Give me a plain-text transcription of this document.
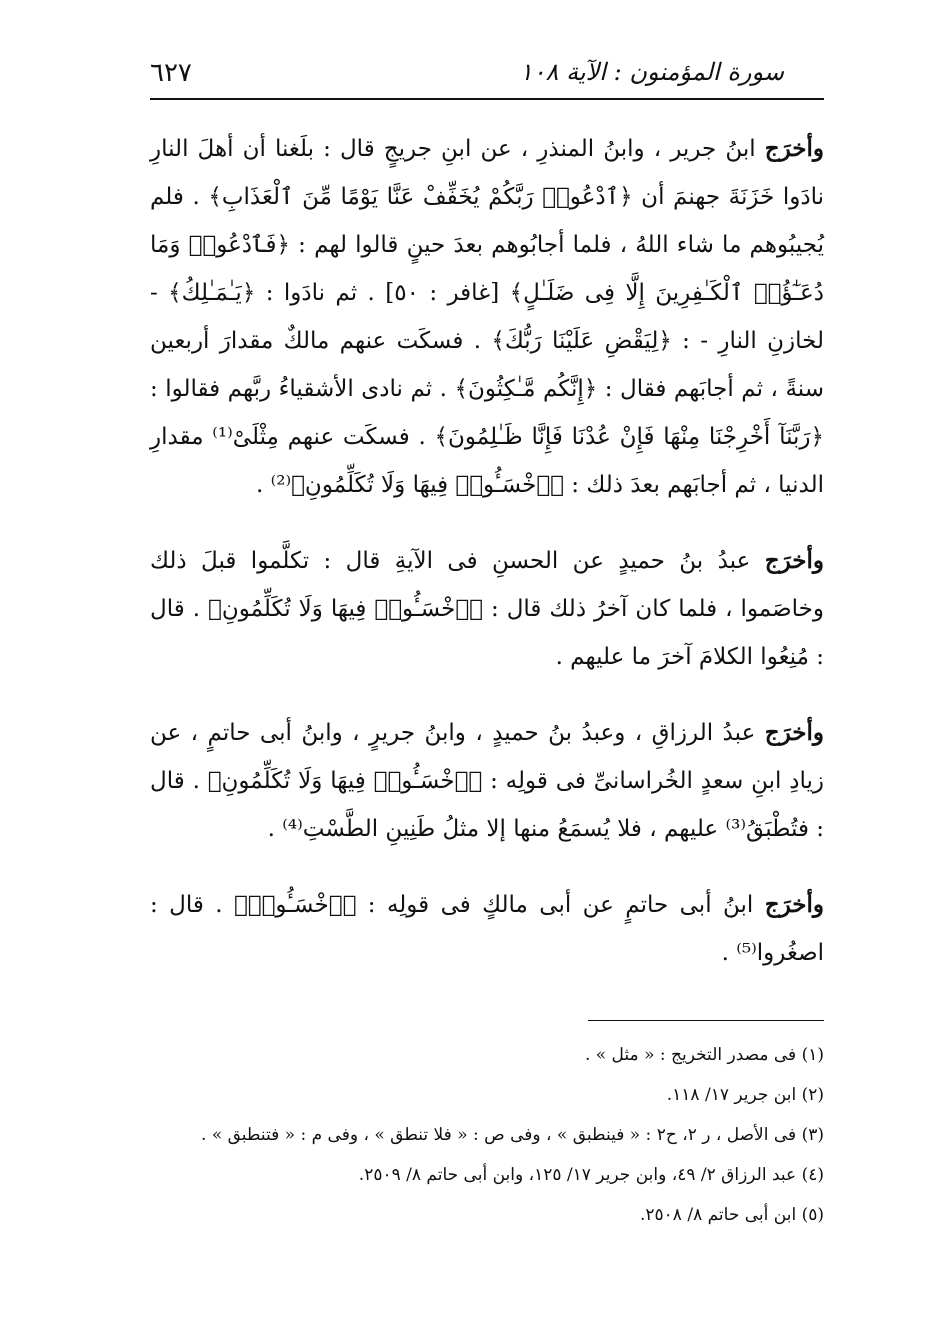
٦٢٧	سورة المؤمنون : الآية ١٠٨
وأخرَج ابنُ جرير ، وابنُ المنذرِ ، عن ابنِ جريجٍ قال : بلَغنا أن أهلَ النارِ نادَوا خَزَنَةَ جهنمَ أن ﴿ٱدْعُوا۟ رَبَّكُمْ يُخَفِّفْ عَنَّا يَوْمًا مِّنَ ٱلْعَذَابِ﴾ . فلم يُجيبُوهم ما شاء اللهُ ، فلما أجابُوهم بعدَ حينٍ قالوا لهم : ﴿فَٱدْعُوا۟ وَمَا دُعَـٰٓؤُا۟ ٱلْكَـٰفِرِينَ إِلَّا فِى ضَلَـٰلٍ﴾ [غافر : ٥٠] . ثم نادَوا : ﴿يَـٰمَـٰلِكُ﴾ - لخازنِ النارِ - : ﴿لِيَقْضِ عَلَيْنَا رَبُّكَ﴾ . فسكَت عنهم مالكٌ مقدارَ أربعين سنةً ، ثم أجابَهم فقال : ﴿إِنَّكُم مَّـٰكِثُونَ﴾ . ثم نادى الأشقياءُ ربَّهم فقالوا : ﴿رَبَّنَآ أَخْرِجْنَا مِنْهَا فَإِنْ عُدْنَا فَإِنَّا ظَـٰلِمُونَ﴾ . فسكَت عنهم مِثْلَىْ⁽¹⁾ مقدارِ الدنيا ، ثم أجابَهم بعدَ ذلك : ﴿ٱخْسَـُٔوا۟ فِيهَا وَلَا تُكَلِّمُونِ﴾⁽²⁾ .
وأخرَج عبدُ بنُ حميدٍ عن الحسنِ فى الآيةِ قال : تكلَّموا قبلَ ذلك وخاصَموا ، فلما كان آخرُ ذلك قال : ﴿ٱخْسَـُٔوا۟ فِيهَا وَلَا تُكَلِّمُونِ﴾ . قال : مُنِعُوا الكلامَ آخرَ ما عليهم .
وأخرَج عبدُ الرزاقِ ، وعبدُ بنُ حميدٍ ، وابنُ جريرٍ ، وابنُ أبى حاتمٍ ، عن زيادِ ابنِ سعدٍ الخُراسانىِّ فى قولِه : ﴿ٱخْسَـُٔوا۟ فِيهَا وَلَا تُكَلِّمُونِ﴾ . قال : فتُطْبَقُ⁽³⁾ عليهم ، فلا يُسمَعُ منها إلا مثلُ طَنِينِ الطَّسْتِ⁽⁴⁾ .
وأخرَج ابنُ أبى حاتمٍ عن أبى مالكٍ فى قولِه : ﴿ٱخْسَـُٔوا۟﴾ . قال : اصغُروا⁽⁵⁾ .

(١) فى مصدر التخريج : « مثل » .

(٢) ابن جرير ١٧/ ١١٨.

(٣) فى الأصل ، ر ٢، ح٢ : « فينطبق » ، وفى ص : « فلا تنطق » ، وفى م : « فتنطبق » .

(٤) عبد الرزاق ٢/ ٤٩، وابن جرير ١٧/ ١٢٥، وابن أبى حاتم ٨/ ٢٥٠٩.

(٥) ابن أبى حاتم ٨/ ٢٥٠٨.
